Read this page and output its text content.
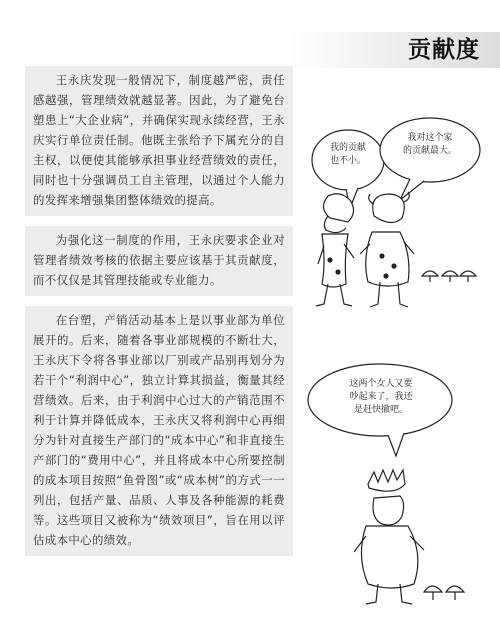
贡献度
王永庆发现一般情况下，制度越严密，责任感越强，管理绩效就越显著。因此，为了避免台塑患上“大企业病”，并确保实现永续经营，王永庆实行单位责任制。他既主张给予下属充分的自主权，以便使其能够承担事业经营绩效的责任，同时也十分强调员工自主管理，以通过个人能力的发挥来增强集团整体绩效的提高。
为强化这一制度的作用，王永庆要求企业对管理者绩效考核的依据主要应该基于其贡献度，而不仅仅是其管理技能或专业能力。
在台塑，产销活动基本上是以事业部为单位展开的。后来，随着各事业部规模的不断壮大，王永庆下令将各事业部以厂别或产品别再划分为若干个“利润中心”，独立计算其损益，衡量其经营绩效。后来，由于利润中心过大的产销范围不利于计算并降低成本，王永庆又将利润中心再细分为针对直接生产部门的“成本中心”和非直接生产部门的“费用中心”，并且将成本中心所要控制的成本项目按照“鱼骨图”或“成本树”的方式一一列出，包括产量、品质、人事及各种能源的耗费等。这些项目又被称为“绩效项目”，旨在用以评估成本中心的绩效。
我的贡献
也不小。
我对这个家
的贡献最大。
这两个女人又要
吵起来了，我还
是赶快撤吧。
